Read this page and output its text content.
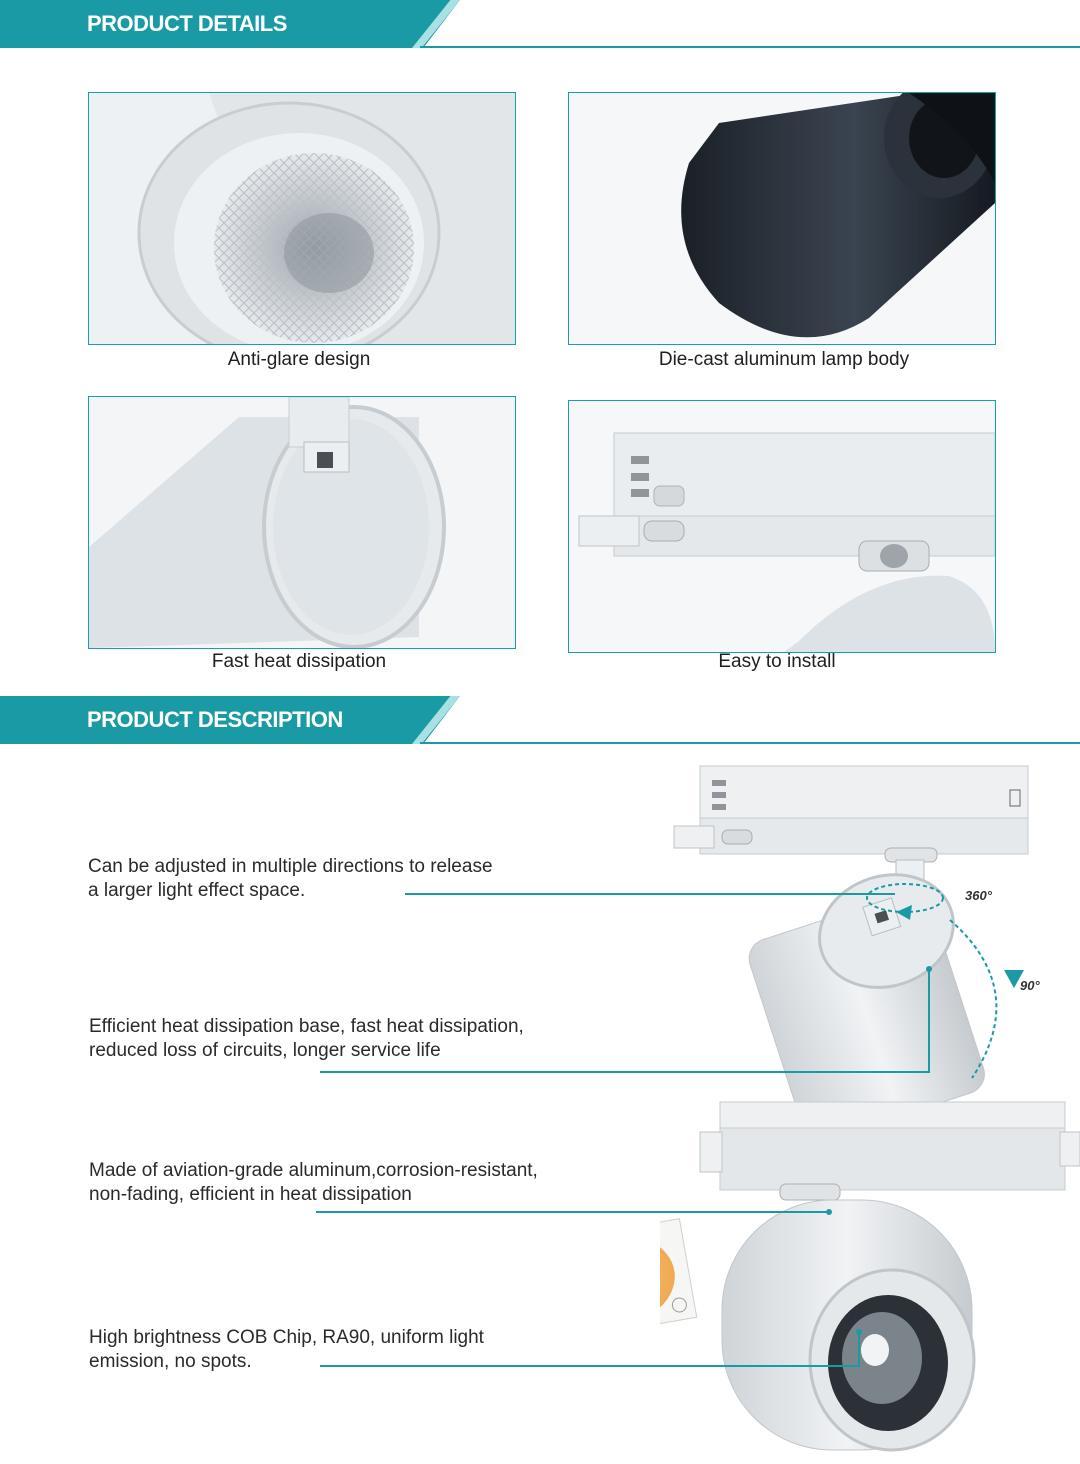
PRODUCT DETAILS
Anti-glare design	Die-cast aluminum lamp body
Fast heat dissipation	Easy to install
PRODUCT DESCRIPTION
360°
90°
Can be adjusted in multiple directions to release
a larger light effect space.
Efficient heat dissipation base, fast heat dissipation,
reduced loss of circuits, longer service life
Made of aviation-grade aluminum,corrosion-resistant,
non-fading, efficient in heat dissipation
High brightness COB Chip, RA90, uniform light
emission, no spots.
